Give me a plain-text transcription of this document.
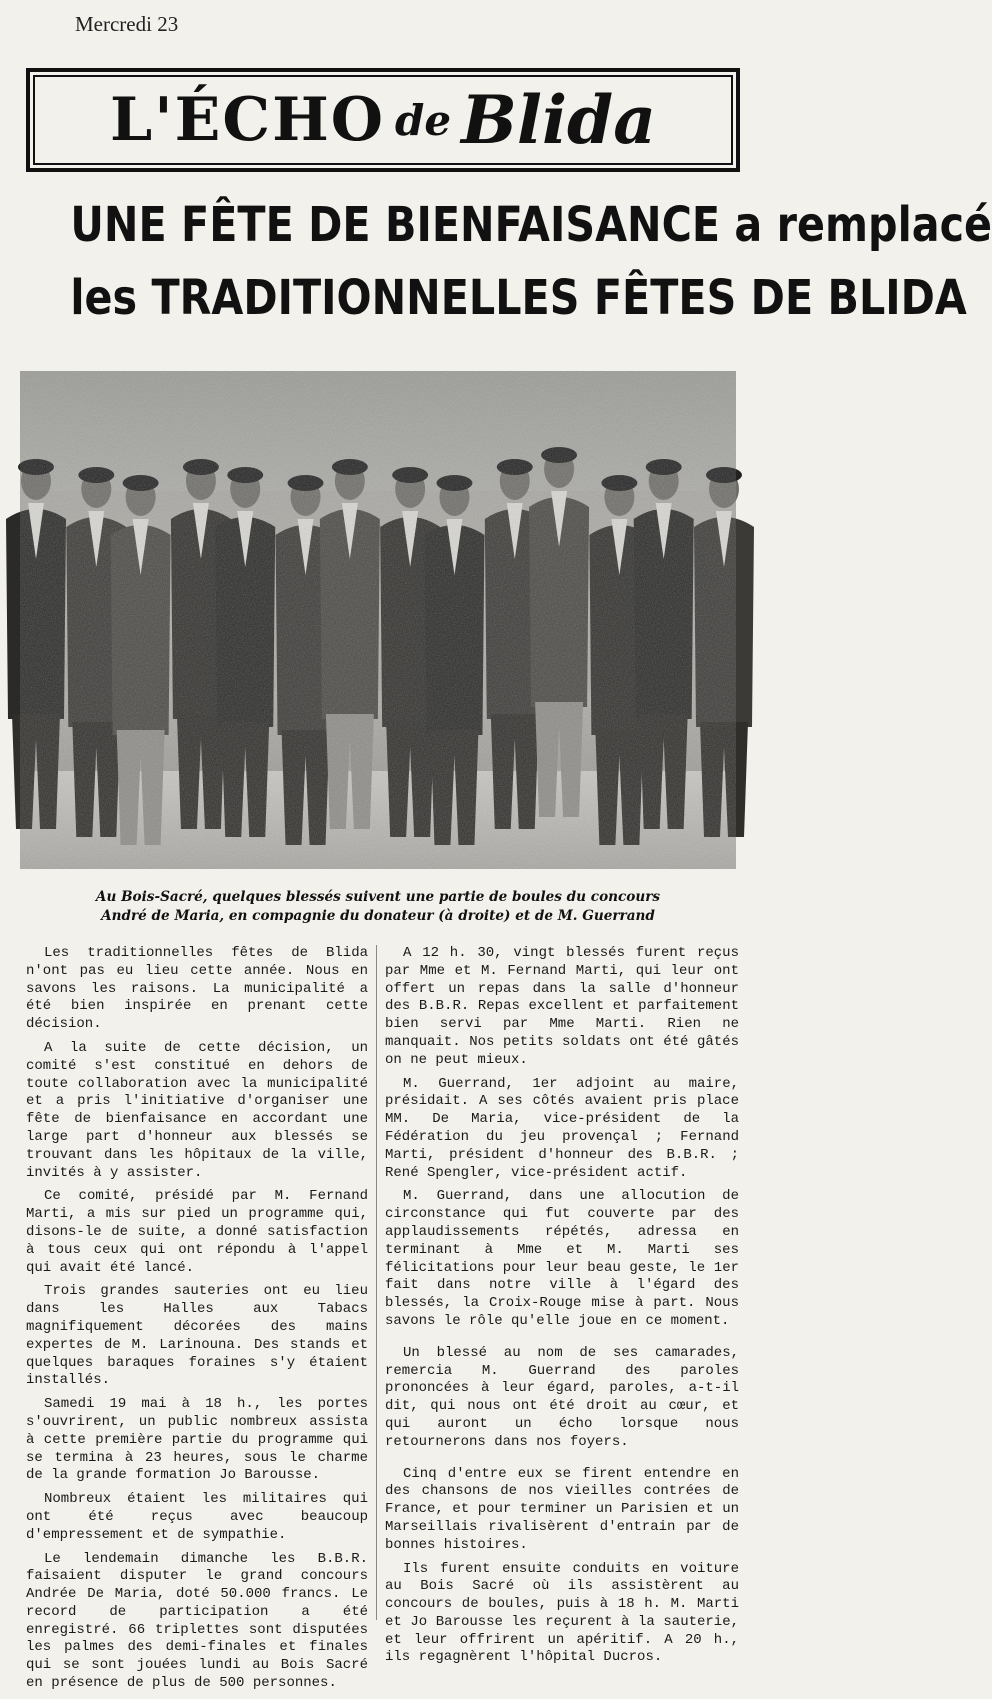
Mercredi 23
L'ÉCHO de Blida
UNE FÊTE DE BIENFAISANCE a remplacé
les TRADITIONNELLES FÊTES DE BLIDA
Au Bois-Sacré, quelques blessés suivent une partie de boules du concours
André de Maria, en compagnie du donateur (à droite) et de M. Guerrand

Les traditionnelles fêtes de Blida n'ont pas eu lieu cette année. Nous en savons les raisons. La municipalité a été bien inspirée en prenant cette décision.

A la suite de cette décision, un comité s'est constitué en dehors de toute collaboration avec la municipalité et a pris l'initiative d'organiser une fête de bienfaisance en accordant une large part d'honneur aux blessés se trouvant dans les hôpitaux de la ville, invités à y assister.

Ce comité, présidé par M. Fernand Marti, a mis sur pied un programme qui, disons-le de suite, a donné satisfaction à tous ceux qui ont répondu à l'appel qui avait été lancé.

Trois grandes sauteries ont eu lieu dans les Halles aux Tabacs magnifiquement décorées des mains expertes de M. Larinouna. Des stands et quelques baraques foraines s'y étaient installés.

Samedi 19 mai à 18 h., les portes s'ouvrirent, un public nombreux assista à cette première partie du programme qui se termina à 23 heures, sous le charme de la grande formation Jo Barousse.

Nombreux étaient les militaires qui ont été reçus avec beaucoup d'empressement et de sympathie.

Le lendemain dimanche les B.B.R. faisaient disputer le grand concours Andrée De Maria, doté 50.000 francs. Le record de participation a été enregistré. 66 triplettes sont disputées les palmes des demi-finales et finales qui se sont jouées lundi au Bois Sacré en présence de plus de 500 personnes.

A 12 h. 30, vingt blessés furent reçus par Mme et M. Fernand Marti, qui leur ont offert un repas dans la salle d'honneur des B.B.R. Repas excellent et parfaitement bien servi par Mme Marti. Rien ne manquait. Nos petits soldats ont été gâtés on ne peut mieux.

M. Guerrand, 1er adjoint au maire, présidait. A ses côtés avaient pris place MM. De Maria, vice-président de la Fédération du jeu provençal ; Fernand Marti, président d'honneur des B.B.R. ; René Spengler, vice-président actif.

M. Guerrand, dans une allocution de circonstance qui fut couverte par des applaudissements répétés, adressa en terminant à Mme et M. Marti ses félicitations pour leur beau geste, le 1er fait dans notre ville à l'égard des blessés, la Croix-Rouge mise à part. Nous savons le rôle qu'elle joue en ce moment.

Un blessé au nom de ses camarades, remercia M. Guerrand des paroles prononcées à leur égard, paroles, a-t-il dit, qui nous ont été droit au cœur, et qui auront un écho lorsque nous retournerons dans nos foyers.

Cinq d'entre eux se firent entendre en des chansons de nos vieilles contrées de France, et pour terminer un Parisien et un Marseillais rivalisèrent d'entrain par de bonnes histoires.

Ils furent ensuite conduits en voiture au Bois Sacré où ils assistèrent au concours de boules, puis à 18 h. M. Marti et Jo Barousse les reçurent à la sauterie, et leur offrirent un apéritif. A 20 h., ils regagnèrent l'hôpital Ducros.
